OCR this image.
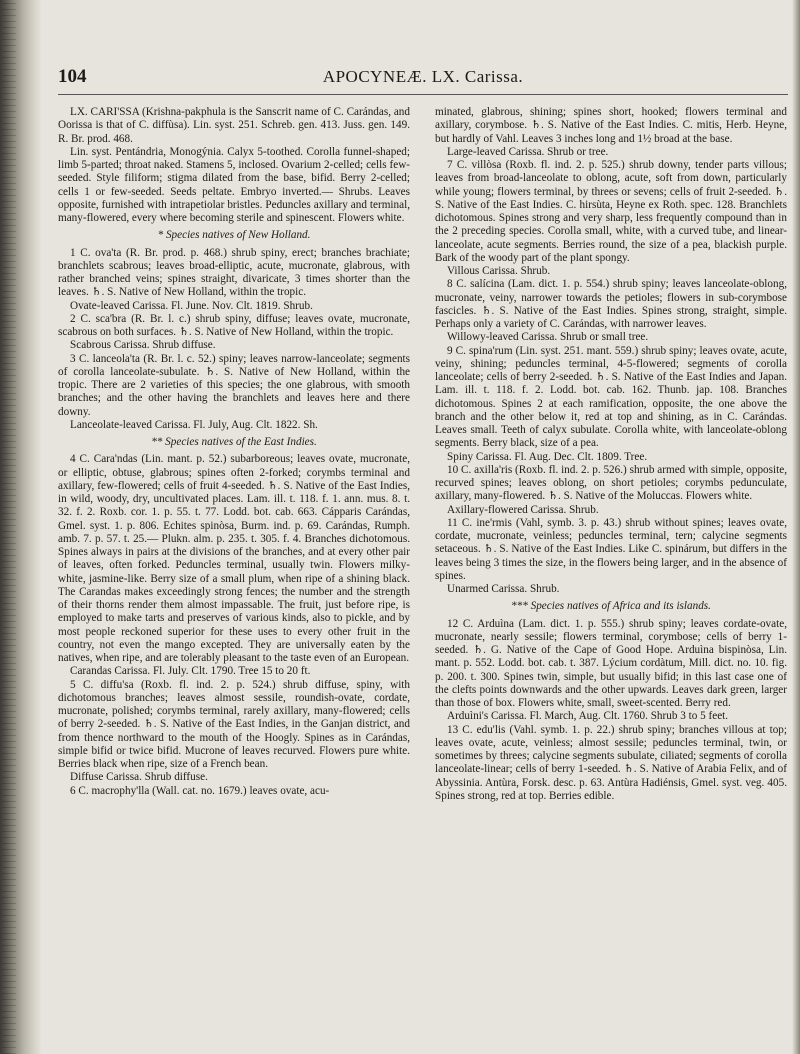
104	APOCYNEÆ. LX. Carissa.

LX. CARI'SSA (Krishna-pakphula is the Sanscrit name of C. Carándas, and Oorissa is that of C. diffùsa). Lin. syst. 251. Schreb. gen. 413. Juss. gen. 149. R. Br. prod. 468.

Lin. syst. Pentándria, Monogýnia. Calyx 5-toothed. Corolla funnel-shaped; limb 5-parted; throat naked. Stamens 5, inclosed. Ovarium 2-celled; cells few-seeded. Style filiform; stigma dilated from the base, bifid. Berry 2-celled; cells 1 or few-seeded. Seeds peltate. Embryo inverted.— Shrubs. Leaves opposite, furnished with intrapetiolar bristles. Peduncles axillary and terminal, many-flowered, every where becoming sterile and spinescent. Flowers white.

* Species natives of New Holland.

1 C. ova'ta (R. Br. prod. p. 468.) shrub spiny, erect; branches brachiate; branchlets scabrous; leaves broad-elliptic, acute, mucronate, glabrous, with rather branched veins; spines straight, divaricate, 3 times shorter than the leaves. ♄. S. Native of New Holland, within the tropic.

Ovate-leaved Carissa. Fl. June. Nov. Clt. 1819. Shrub.

2 C. sca'bra (R. Br. l. c.) shrub spiny, diffuse; leaves ovate, mucronate, scabrous on both surfaces. ♄. S. Native of New Holland, within the tropic.

Scabrous Carissa. Shrub diffuse.

3 C. lanceola'ta (R. Br. l. c. 52.) spiny; leaves narrow-lanceolate; segments of corolla lanceolate-subulate. ♄. S. Native of New Holland, within the tropic. There are 2 varieties of this species; the one glabrous, with smooth branches; and the other having the branchlets and leaves here and there downy.

Lanceolate-leaved Carissa. Fl. July, Aug. Clt. 1822. Sh.

** Species natives of the East Indies.

4 C. Cara'ndas (Lin. mant. p. 52.) subarboreous; leaves ovate, mucronate, or elliptic, obtuse, glabrous; spines often 2-forked; corymbs terminal and axillary, few-flowered; cells of fruit 4-seeded. ♄. S. Native of the East Indies, in wild, woody, dry, uncultivated places. Lam. ill. t. 118. f. 1. ann. mus. 8. t. 32. f. 2. Roxb. cor. 1. p. 55. t. 77. Lodd. bot. cab. 663. Cápparis Carándas, Gmel. syst. 1. p. 806. Echites spinòsa, Burm. ind. p. 69. Carándas, Rumph. amb. 7. p. 57. t. 25.— Plukn. alm. p. 235. t. 305. f. 4. Branches dichotomous. Spines always in pairs at the divisions of the branches, and at every other pair of leaves, often forked. Peduncles terminal, usually twin. Flowers milky-white, jasmine-like. Berry size of a small plum, when ripe of a shining black. The Carandas makes exceedingly strong fences; the number and the strength of their thorns render them almost impassable. The fruit, just before ripe, is employed to make tarts and preserves of various kinds, also to pickle, and by most people reckoned superior for these uses to every other fruit in the country, not even the mango excepted. They are universally eaten by the natives, when ripe, and are tolerably pleasant to the taste even of an European.

Carandas Carissa. Fl. July. Clt. 1790. Tree 15 to 20 ft.

5 C. diffu'sa (Roxb. fl. ind. 2. p. 524.) shrub diffuse, spiny, with dichotomous branches; leaves almost sessile, roundish-ovate, cordate, mucronate, polished; corymbs terminal, rarely axillary, many-flowered; cells of berry 2-seeded. ♄. S. Native of the East Indies, in the Ganjan district, and from thence northward to the mouth of the Hoogly. Spines as in Carándas, simple bifid or twice bifid. Mucrone of leaves recurved. Flowers pure white. Berries black when ripe, size of a French bean.

Diffuse Carissa. Shrub diffuse.

6 C. macrophy'lla (Wall. cat. no. 1679.) leaves ovate, acu-

minated, glabrous, shining; spines short, hooked; flowers terminal and axillary, corymbose. ♄. S. Native of the East Indies. C. mitis, Herb. Heyne, but hardly of Vahl. Leaves 3 inches long and 1½ broad at the base.

Large-leaved Carissa. Shrub or tree.

7 C. villòsa (Roxb. fl. ind. 2. p. 525.) shrub downy, tender parts villous; leaves from broad-lanceolate to oblong, acute, soft from down, particularly while young; flowers terminal, by threes or sevens; cells of fruit 2-seeded. ♄. S. Native of the East Indies. C. hirsùta, Heyne ex Roth. spec. 128. Branchlets dichotomous. Spines strong and very sharp, less frequently compound than in the 2 preceding species. Corolla small, white, with a curved tube, and linear-lanceolate, acute segments. Berries round, the size of a pea, blackish purple. Bark of the woody part of the plant spongy.

Villous Carissa. Shrub.

8 C. salícina (Lam. dict. 1. p. 554.) shrub spiny; leaves lanceolate-oblong, mucronate, veiny, narrower towards the petioles; flowers in sub-corymbose fascicles. ♄. S. Native of the East Indies. Spines strong, straight, simple. Perhaps only a variety of C. Carándas, with narrower leaves.

Willowy-leaved Carissa. Shrub or small tree.

9 C. spina'rum (Lin. syst. 251. mant. 559.) shrub spiny; leaves ovate, acute, veiny, shining; peduncles terminal, 4-5-flowered; segments of corolla lanceolate; cells of berry 2-seeded. ♄. S. Native of the East Indies and Japan. Lam. ill. t. 118. f. 2. Lodd. bot. cab. 162. Thunb. jap. 108. Branches dichotomous. Spines 2 at each ramification, opposite, the one above the branch and the other below it, red at top and shining, as in C. Carándas. Leaves small. Teeth of calyx subulate. Corolla white, with lanceolate-oblong segments. Berry black, size of a pea.

Spiny Carissa. Fl. Aug. Dec. Clt. 1809. Tree.

10 C. axilla'ris (Roxb. fl. ind. 2. p. 526.) shrub armed with simple, opposite, recurved spines; leaves oblong, on short petioles; corymbs pedunculate, axillary, many-flowered. ♄. S. Native of the Moluccas. Flowers white.

Axillary-flowered Carissa. Shrub.

11 C. ine'rmis (Vahl, symb. 3. p. 43.) shrub without spines; leaves ovate, cordate, mucronate, veinless; peduncles terminal, tern; calycine segments setaceous. ♄. S. Native of the East Indies. Like C. spinárum, but differs in the leaves being 3 times the size, in the flowers being larger, and in the absence of spines.

Unarmed Carissa. Shrub.

*** Species natives of Africa and its islands.

12 C. Arduìna (Lam. dict. 1. p. 555.) shrub spiny; leaves cordate-ovate, mucronate, nearly sessile; flowers terminal, corymbose; cells of berry 1-seeded. ♄. G. Native of the Cape of Good Hope. Arduìna bispinòsa, Lin. mant. p. 552. Lodd. bot. cab. t. 387. Lýcium cordàtum, Mill. dict. no. 10. fig. p. 200. t. 300. Spines twin, simple, but usually bifid; in this last case one of the clefts points downwards and the other upwards. Leaves dark green, larger than those of box. Flowers white, small, sweet-scented. Berry red.

Arduìni's Carissa. Fl. March, Aug. Clt. 1760. Shrub 3 to 5 feet.

13 C. edu'lis (Vahl. symb. 1. p. 22.) shrub spiny; branches villous at top; leaves ovate, acute, veinless; almost sessile; peduncles terminal, twin, or sometimes by threes; calycine segments subulate, ciliated; segments of corolla lanceolate-linear; cells of berry 1-seeded. ♄. S. Native of Arabia Felix, and of Abyssinia. Antùra, Forsk. desc. p. 63. Antùra Hadiénsis, Gmel. syst. veg. 405. Spines strong, red at top. Berries edible.
